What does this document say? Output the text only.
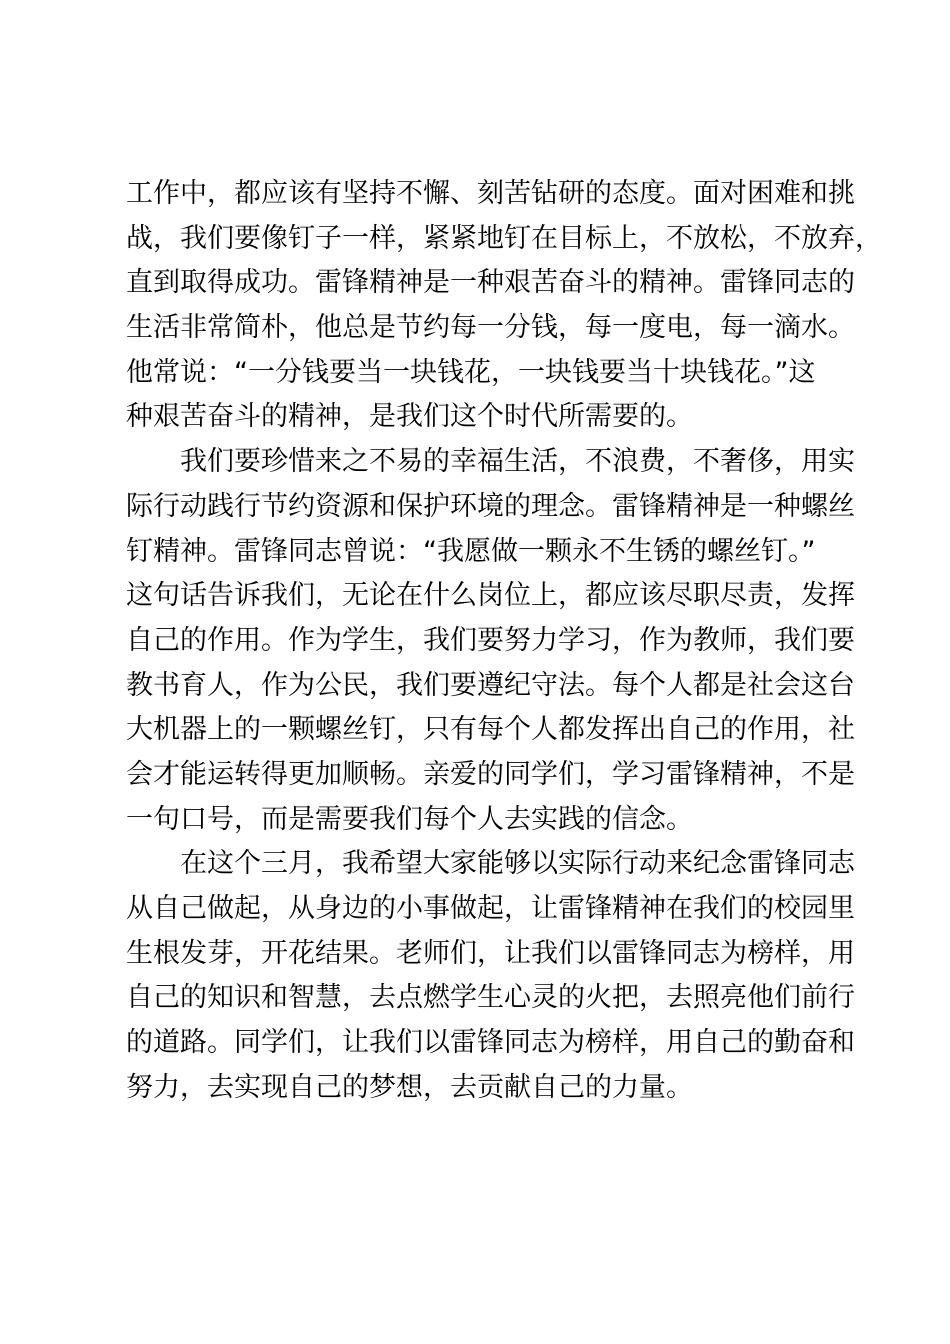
工作中，都应该有坚持不懈、刻苦钻研的态度。面对困难和挑
战，我们要像钉子一样，紧紧地钉在目标上，不放松，不放弃，
直到取得成功。雷锋精神是一种艰苦奋斗的精神。雷锋同志的
生活非常简朴，他总是节约每一分钱，每一度电，每一滴水。
他常说：“一分钱要当一块钱花，一块钱要当十块钱花。”这
种艰苦奋斗的精神，是我们这个时代所需要的。
我们要珍惜来之不易的幸福生活，不浪费，不奢侈，用实
际行动践行节约资源和保护环境的理念。雷锋精神是一种螺丝
钉精神。雷锋同志曾说：“我愿做一颗永不生锈的螺丝钉。”
这句话告诉我们，无论在什么岗位上，都应该尽职尽责，发挥
自己的作用。作为学生，我们要努力学习，作为教师，我们要
教书育人，作为公民，我们要遵纪守法。每个人都是社会这台
大机器上的一颗螺丝钉，只有每个人都发挥出自己的作用，社
会才能运转得更加顺畅。亲爱的同学们，学习雷锋精神，不是
一句口号，而是需要我们每个人去实践的信念。
在这个三月，我希望大家能够以实际行动来纪念雷锋同志
从自己做起，从身边的小事做起，让雷锋精神在我们的校园里
生根发芽，开花结果。老师们，让我们以雷锋同志为榜样，用
自己的知识和智慧，去点燃学生心灵的火把，去照亮他们前行
的道路。同学们，让我们以雷锋同志为榜样，用自己的勤奋和
努力，去实现自己的梦想，去贡献自己的力量。
